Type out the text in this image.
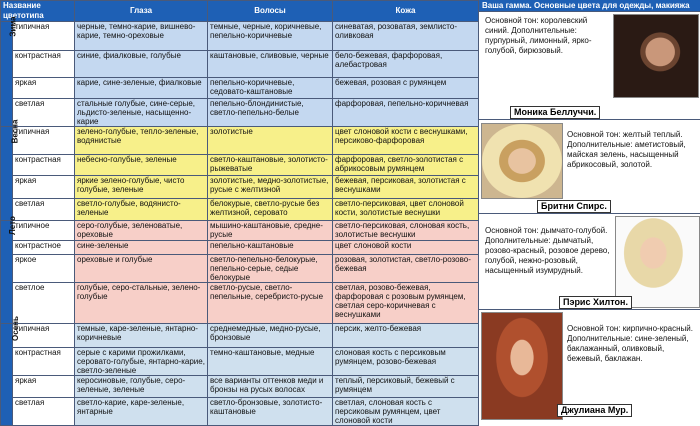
Название цветотипа		Глаза	Волосы	Кожа
Зима	типичная	черные, темно-карие, вишнево-карие, темно-ореховые	темные, черные, коричневые, пепельно-коричневые	синеватая, розоватая, землисто-оливковая
	контрастная	синие, фиалковые, голубые	каштановые, сливовые, черные	бело-бежевая, фарфоровая, алебастровая
	яркая	карие, сине-зеленые, фиалковые	пепельно-коричневые, седовато-каштановые	бежевая, розовая с румянцем
	светлая	стальные голубые, сине-серые, льдисто-зеленые, насыщенно-карие	пепельно-блондинистые, светло-пепельно-белые	фарфоровая, пепельно-коричневая
Весна	типичная	зелено-голубые, тепло-зеленые, водянистые	золотистые	цвет слоновой кости с веснушками, персиково-фарфоровая
	контрастная	небесно-голубые, зеленые	светло-каштановые, золотисто-рыжеватые	фарфоровая, светло-золотистая с абрикосовым румянцем
	яркая	яркие зелено-голубые, чисто голубые, зеленые	золотистые, медно-золотистые, русые с желтизной	бежевая, персиковая, золотистая с веснушками
	светлая	светло-голубые, водянисто-зеленые	белокурые, светло-русые без желтизной, серовато	светло-персиковая, цвет слоновой кости, золотистые веснушки
Лето	типичное	серо-голубые, зеленоватые, ореховые	мышино-каштановые, средне-русые	светло-персиковая, слоновая кость, золотистые веснушки
	контрастное	сине-зеленые	пепельно-каштановые	цвет слоновой кости
	яркое	ореховые и голубые	светло-пепельно-белокурые, пепельно-серые, седые белокурые	розовая, золотистая, светло-розово-бежевая
	светлое	голубые, серо-стальные, зелено-голубые	светло-русые, светло-пепельные, серебристо-русые	светлая, розово-бежевая, фарфоровая с розовым румянцем, светлая серо-коричневая с веснушками
Осень	типичная	темные, каре-зеленые, янтарно-коричневые	среднемедные, медно-русые, бронзовые	персик, желто-бежевая
	контрастная	серые с карими прожилками, серовато-голубые, янтарно-карие, светло-зеленые	темно-каштановые, медные	слоновая кость с персиковым румянцем, розово-бежевая
	яркая	керосиновые, голубые, серо-зеленые, зеленые	все варианты оттенков меди и бронзы на русых волосах	теплый, персиковый, бежевый с румянцем
	светлая	светло-карие, каре-зеленые, янтарные	светло-бронзовые, золотисто-каштановые	светлая, слоновая кость с персиковым румянцем, цвет слоновой кости
Ваша гамма. Основные цвета для одежды, макияжа
Основной тон: королевский синий. Дополнительные: пурпурный, лимонный, ярко-голубой, бирюзовый.
Моника Беллуччи.
Основной тон: желтый теплый. Дополнительные: аметистовый, майская зелень, насыщенный абрикосовый, золотой.
Бритни Спирс.
Основной тон: дымчато-голубой. Дополнительные: дымчатый, розово-красный, розовое дерево, голубой, нежно-розовый, насыщенный изумрудный.
Пэрис Хилтон.
Основной тон: кирпично-красный. Дополнительные: сине-зеленый, баклажанный, оливковый, бежевый, баклажан.
Джулиана Мур.
